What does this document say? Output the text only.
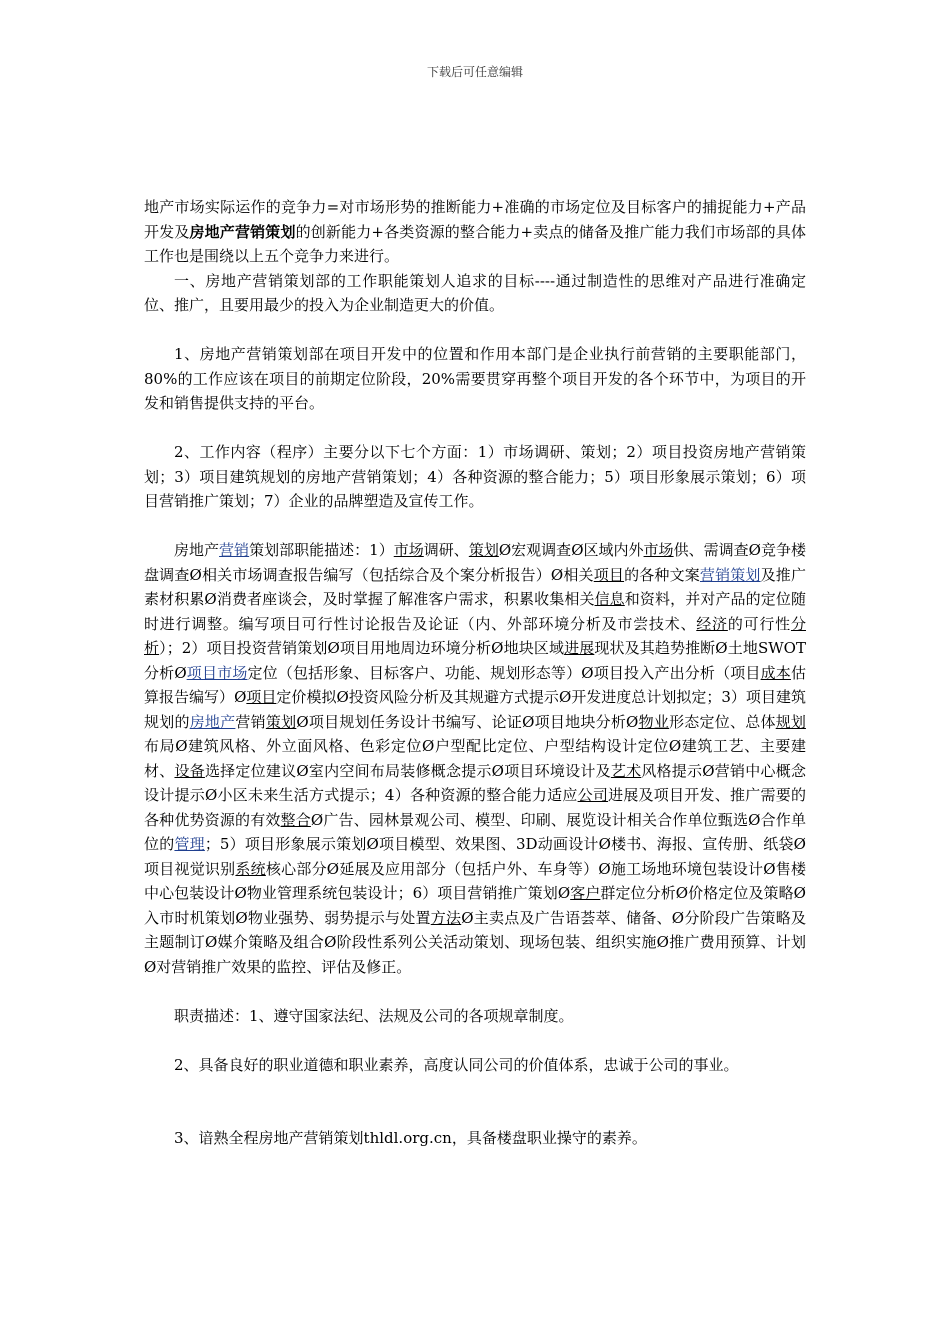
下载后可任意编辑

地产市场实际运作的竞争力=对市场形势的推断能力+准确的市场定位及目标客户的捕捉能力+产品开发及房地产营销策划的创新能力+各类资源的整合能力+卖点的储备及推广能力我们市场部的具体工作也是围绕以上五个竞争力来进行。

一、房地产营销策划部的工作职能策划人追求的目标----通过制造性的思维对产品进行准确定位、推广，且要用最少的投入为企业制造更大的价值。

1、房地产营销策划部在项目开发中的位置和作用本部门是企业执行前营销的主要职能部门，80%的工作应该在项目的前期定位阶段，20%需要贯穿再整个项目开发的各个环节中，为项目的开发和销售提供支持的平台。

2、工作内容（程序）主要分以下七个方面：1）市场调研、策划；2）项目投资房地产营销策划；3）项目建筑规划的房地产营销策划；4）各种资源的整合能力；5）项目形象展示策划；6）项目营销推广策划；7）企业的品牌塑造及宣传工作。

房地产营销策划部职能描述：1）市场调研、策划Ø宏观调查Ø区域内外市场供、需调查Ø竞争楼盘调查Ø相关市场调查报告编写（包括综合及个案分析报告）Ø相关项目的各种文案营销策划及推广素材积累Ø消费者座谈会，及时掌握了解准客户需求，积累收集相关信息和资料，并对产品的定位随时进行调整。编写项目可行性讨论报告及论证（内、外部环境分析及市尝技术、经济的可行性分析）；2）项目投资营销策划Ø项目用地周边环境分析Ø地块区域进展现状及其趋势推断Ø土地SWOT分析Ø项目市场定位（包括形象、目标客户、功能、规划形态等）Ø项目投入产出分析（项目成本估算报告编写）Ø项目定价模拟Ø投资风险分析及其规避方式提示Ø开发进度总计划拟定；3）项目建筑规划的房地产营销策划Ø项目规划任务设计书编写、论证Ø项目地块分析Ø物业形态定位、总体规划布局Ø建筑风格、外立面风格、色彩定位Ø户型配比定位、户型结构设计定位Ø建筑工艺、主要建材、设备选择定位建议Ø室内空间布局装修概念提示Ø项目环境设计及艺术风格提示Ø营销中心概念设计提示Ø小区未来生活方式提示；4）各种资源的整合能力适应公司进展及项目开发、推广需要的各种优势资源的有效整合Ø广告、园林景观公司、模型、印刷、展览设计相关合作单位甄选Ø合作单位的管理；5）项目形象展示策划Ø项目模型、效果图、3D动画设计Ø楼书、海报、宣传册、纸袋Ø项目视觉识别系统核心部分Ø延展及应用部分（包括户外、车身等）Ø施工场地环境包装设计Ø售楼中心包装设计Ø物业管理系统包装设计；6）项目营销推广策划Ø客户群定位分析Ø价格定位及策略Ø入市时机策划Ø物业强势、弱势提示与处置方法Ø主卖点及广告语荟萃、储备、Ø分阶段广告策略及主题制订Ø媒介策略及组合Ø阶段性系列公关活动策划、现场包装、组织实施Ø推广费用预算、计划Ø对营销推广效果的监控、评估及修正。

职责描述：1、遵守国家法纪、法规及公司的各项规章制度。

2、具备良好的职业道德和职业素养，高度认同公司的价值体系，忠诚于公司的事业。

3、谙熟全程房地产营销策划thldl.org.cn，具备楼盘职业操守的素养。
